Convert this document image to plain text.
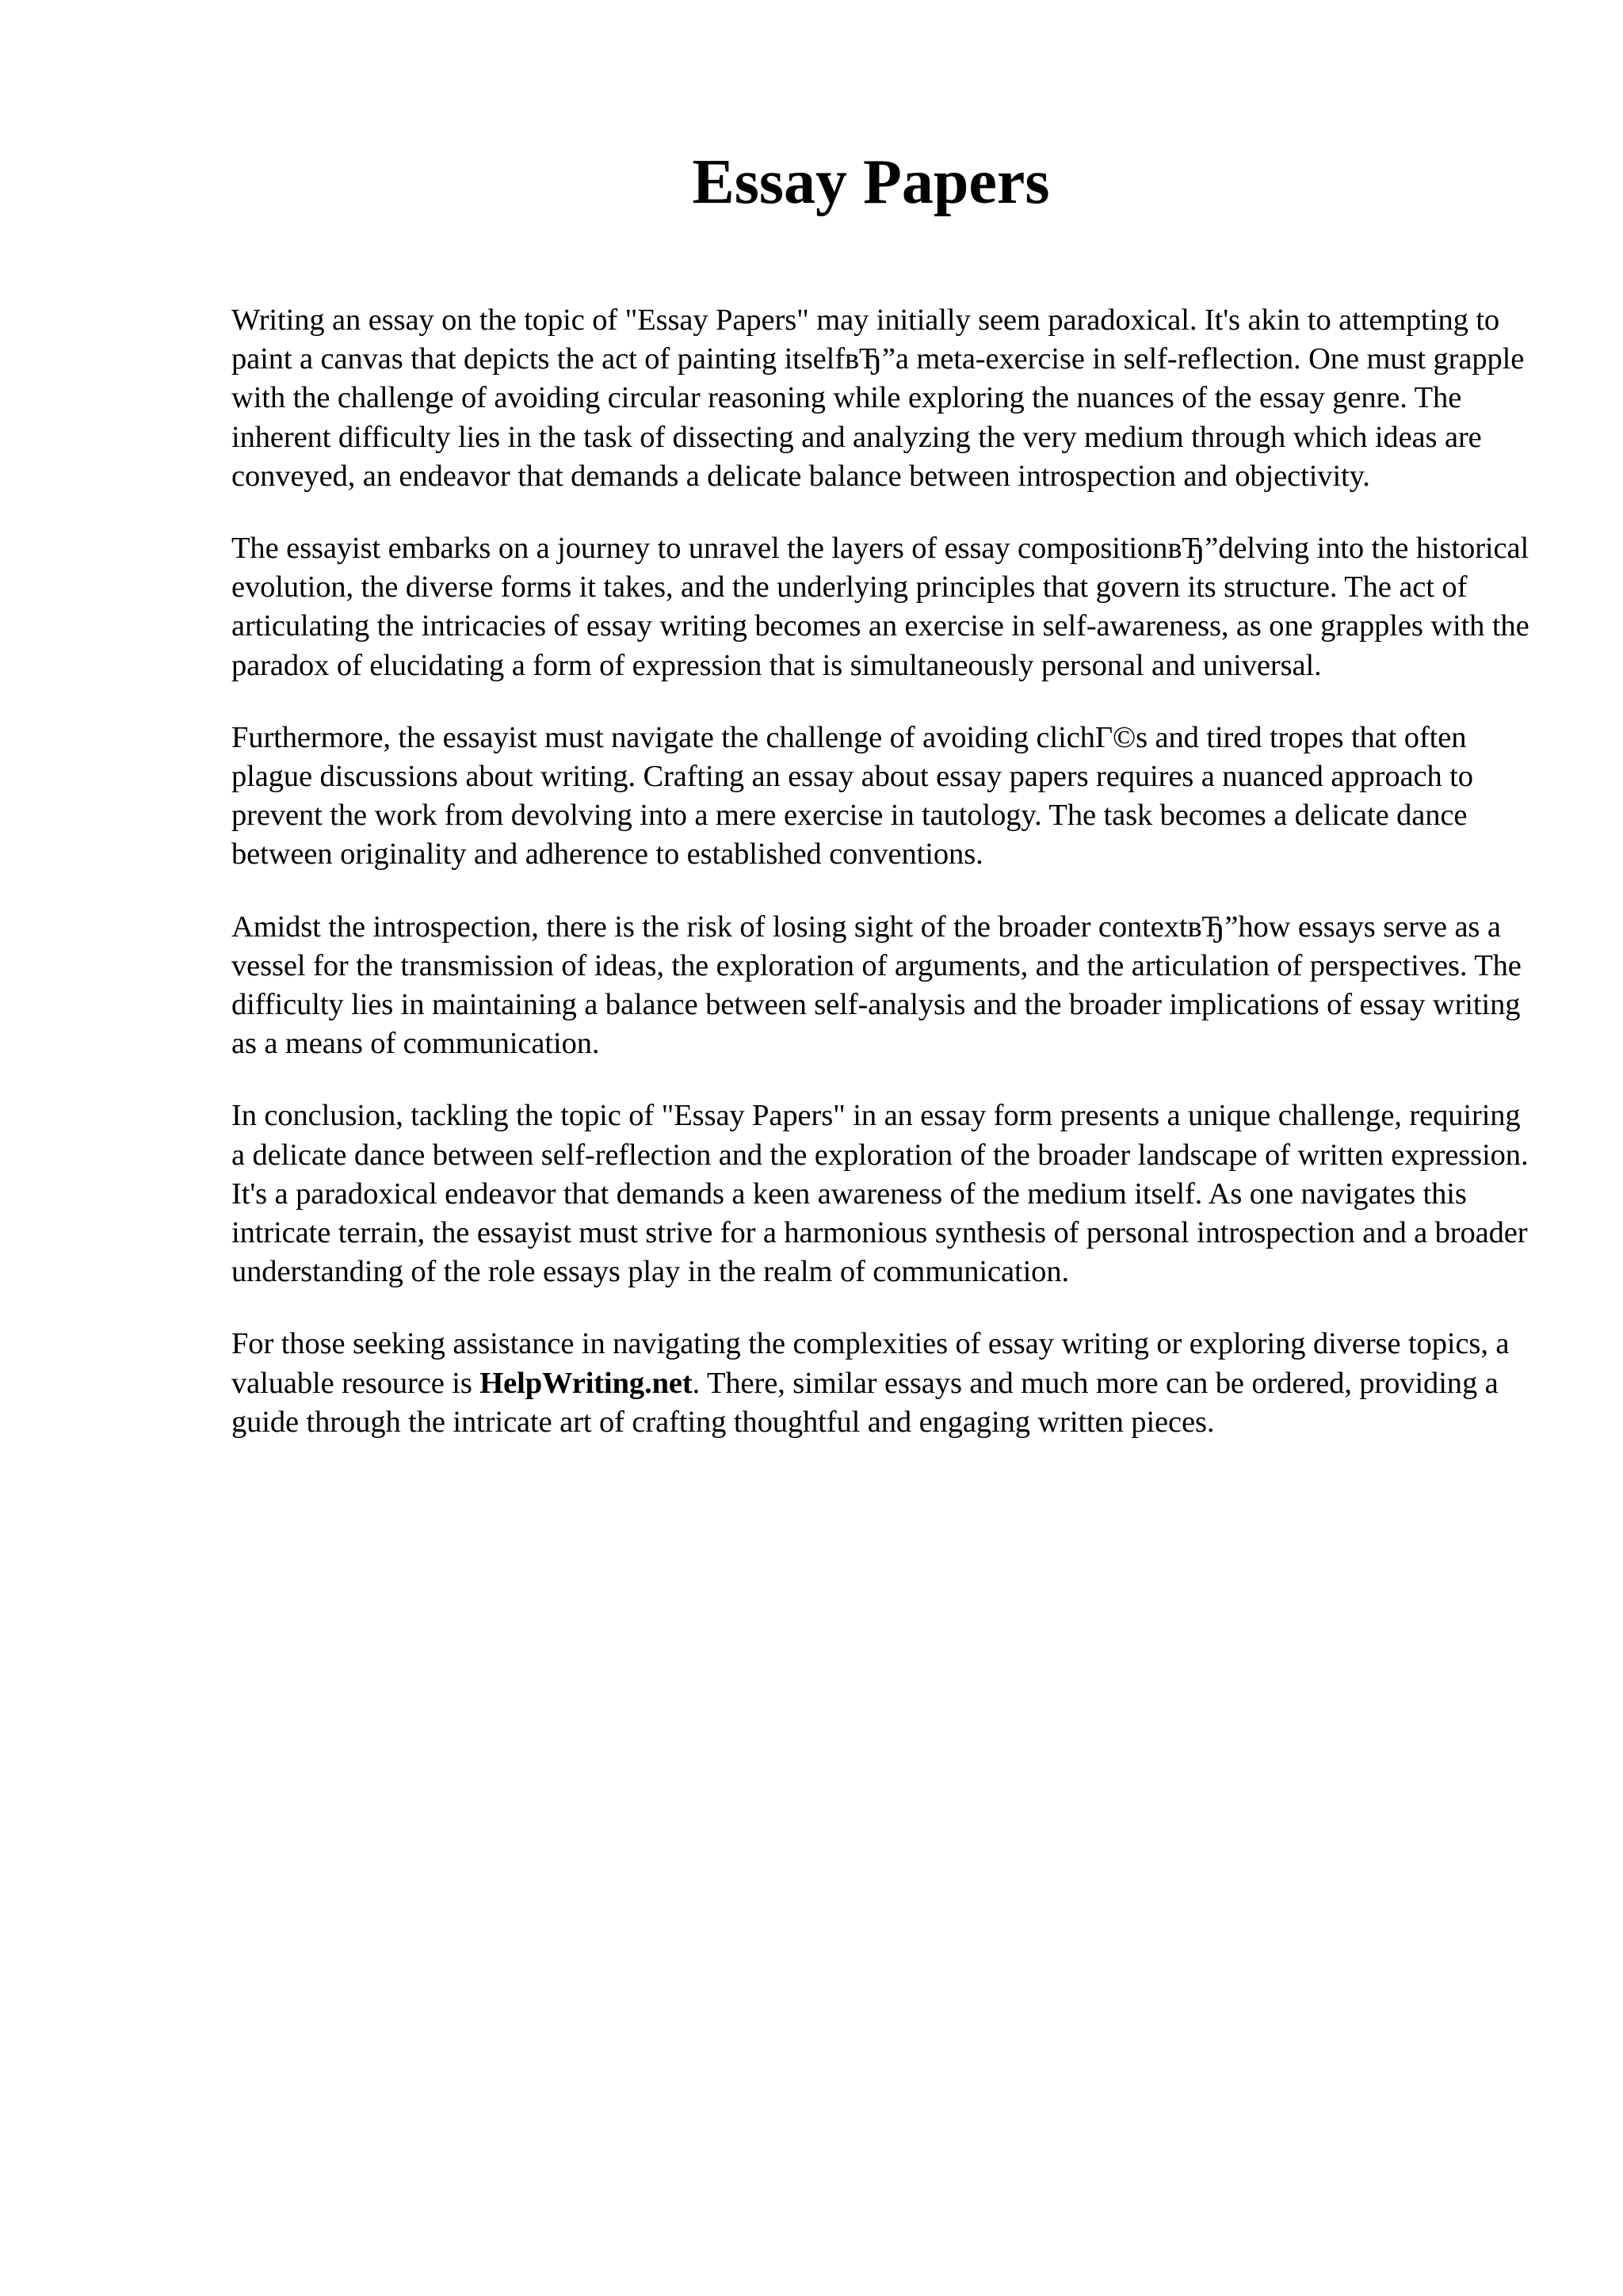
Essay Papers

Writing an essay on the topic of "Essay Papers" may initially seem paradoxical. It's akin to attempting to paint a canvas that depicts the act of painting itselfвЂ”a meta-exercise in self-reflection. One must grapple with the challenge of avoiding circular reasoning while exploring the nuances of the essay genre. The inherent difficulty lies in the task of dissecting and analyzing the very medium through which ideas are conveyed, an endeavor that demands a delicate balance between introspection and objectivity.

The essayist embarks on a journey to unravel the layers of essay compositionвЂ”delving into the historical evolution, the diverse forms it takes, and the underlying principles that govern its structure. The act of articulating the intricacies of essay writing becomes an exercise in self-awareness, as one grapples with the paradox of elucidating a form of expression that is simultaneously personal and universal.

Furthermore, the essayist must navigate the challenge of avoiding clichГ©s and tired tropes that often plague discussions about writing. Crafting an essay about essay papers requires a nuanced approach to prevent the work from devolving into a mere exercise in tautology. The task becomes a delicate dance between originality and adherence to established conventions.

Amidst the introspection, there is the risk of losing sight of the broader contextвЂ”how essays serve as a vessel for the transmission of ideas, the exploration of arguments, and the articulation of perspectives. The difficulty lies in maintaining a balance between self-analysis and the broader implications of essay writing as a means of communication.

In conclusion, tackling the topic of "Essay Papers" in an essay form presents a unique challenge, requiring a delicate dance between self-reflection and the exploration of the broader landscape of written expression. It's a paradoxical endeavor that demands a keen awareness of the medium itself. As one navigates this intricate terrain, the essayist must strive for a harmonious synthesis of personal introspection and a broader understanding of the role essays play in the realm of communication.

For those seeking assistance in navigating the complexities of essay writing or exploring diverse topics, a valuable resource is HelpWriting.net. There, similar essays and much more can be ordered, providing a guide through the intricate art of crafting thoughtful and engaging written pieces.
